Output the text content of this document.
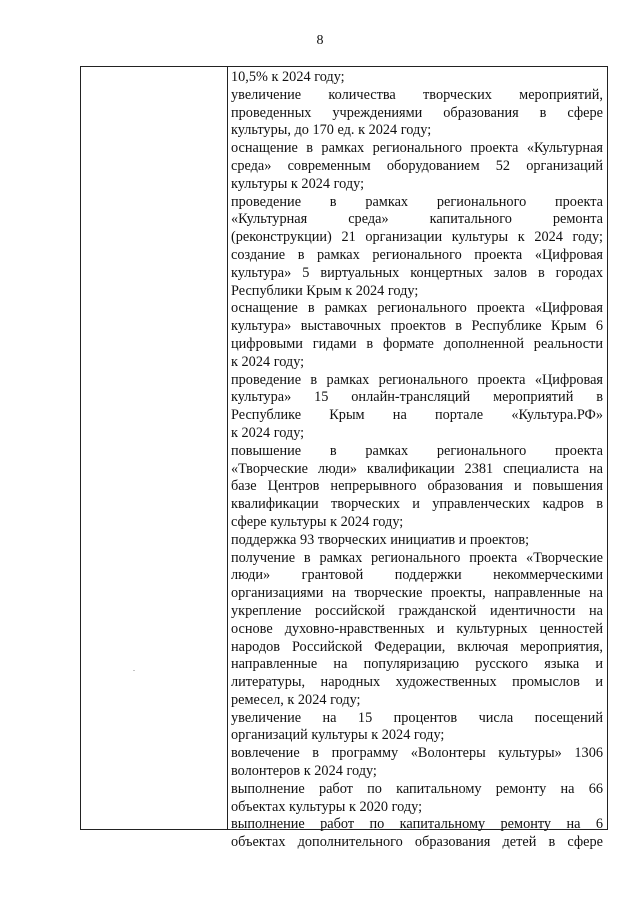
8
.
10,5% к 2024 году;
увеличение количества творческих мероприятий,
проведенных учреждениями образования в сфере
культуры, до 170 ед. к 2024 году;
оснащение в рамках регионального проекта «Культурная
среда» современным оборудованием 52 организаций
культуры к 2024 году;
проведение в рамках регионального проекта
«Культурная среда» капитального ремонта
(реконструкции) 21 организации культуры к 2024 году;
создание в рамках регионального проекта «Цифровая
культура» 5 виртуальных концертных залов в городах
Республики Крым к 2024 году;
оснащение в рамках регионального проекта «Цифровая
культура» выставочных проектов в Республике Крым 6
цифровыми гидами в формате дополненной реальности
к 2024 году;
проведение в рамках регионального проекта «Цифровая
культура» 15 онлайн-трансляций мероприятий в
Республике Крым на портале «Культура.РФ»
к 2024 году;
повышение в рамках регионального проекта
«Творческие люди» квалификации 2381 специалиста на
базе Центров непрерывного образования и повышения
квалификации творческих и управленческих кадров в
сфере культуры к 2024 году;
поддержка 93 творческих инициатив и проектов;
получение в рамках регионального проекта «Творческие
люди» грантовой поддержки некоммерческими
организациями на творческие проекты, направленные на
укрепление российской гражданской идентичности на
основе духовно-нравственных и культурных ценностей
народов Российской Федерации, включая мероприятия,
направленные на популяризацию русского языка и
литературы, народных художественных промыслов и
ремесел, к 2024 году;
увеличение на 15 процентов числа посещений
организаций культуры к 2024 году;
вовлечение в программу «Волонтеры культуры» 1306
волонтеров к 2024 году;
выполнение работ по капитальному ремонту на 66
объектах культуры к 2020 году;
выполнение работ по капитальному ремонту на 6
объектах дополнительного образования детей в сфере
